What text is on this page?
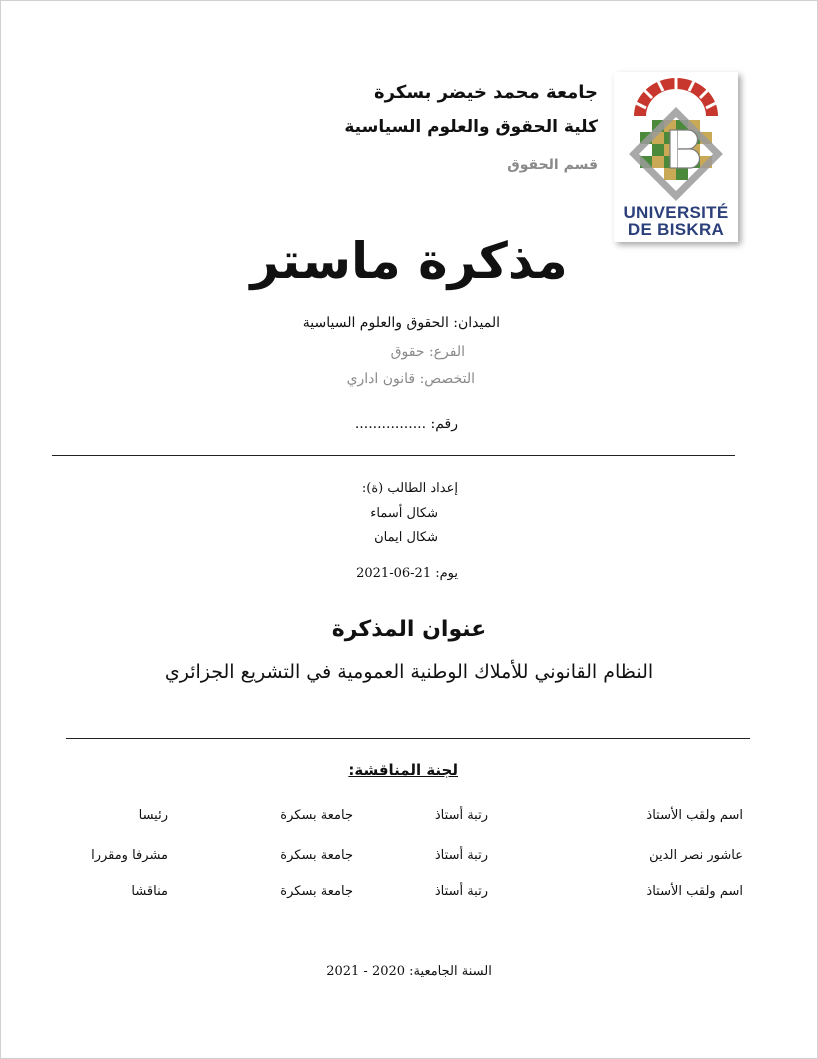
جامعة محمد خيضر بسكرة
كلية الحقوق والعلوم السياسية
قسم الحقوق
UNIVERSITÉ
DE BISKRA
مذكرة ماستر
الميدان: الحقوق والعلوم السياسية
الفرع: حقوق
التخصص: قانون اداري
رقم: ................
إعداد الطالب (ة):
شكال أسماء
شكال ايمان
يوم: 21-06-2021
عنوان المذكرة
النظام القانوني للأملاك الوطنية العمومية في التشريع الجزائري
لجنة المناقشة:
اسم ولقب الأستاذ
رتبة أستاذ
جامعة بسكرة
رئيسا
عاشور نصر الدين
رتبة أستاذ
جامعة بسكرة
مشرفا ومقررا
اسم ولقب الأستاذ
رتبة أستاذ
جامعة بسكرة
مناقشا
السنة الجامعية: 2020 - 2021
